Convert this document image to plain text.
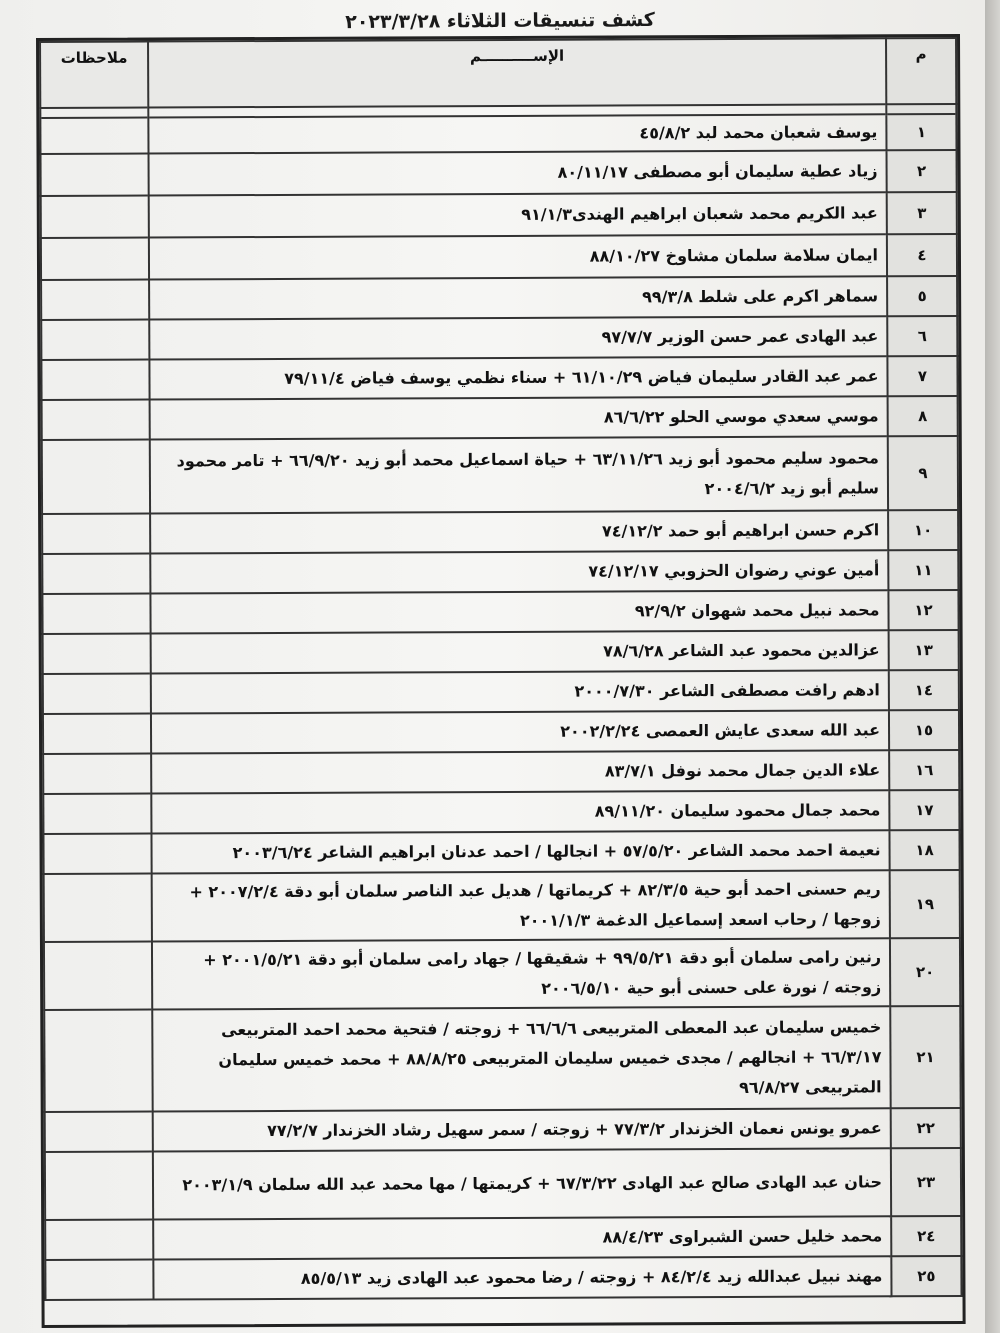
كشف تنسيقات الثلاثاء ٢٠٢٣/٣/٢٨
م	الإســــــــــم	ملاحظات

١	يوسف شعبان محمد لبد ٤٥/٨/٢	
٢	زياد عطية سليمان أبو مصطفى ٨٠/١١/١٧	
٣	عبد الكريم محمد شعبان ابراهيم الهندى٩١/١/٣	
٤	ايمان سلامة سلمان مشاوخ ٨٨/١٠/٢٧	
٥	سماهر اكرم على شلط ٩٩/٣/٨	
٦	عبد الهادى عمر حسن الوزير ٩٧/٧/٧	
٧	عمر عبد القادر سليمان فياض ٦١/١٠/٢٩ + سناء نظمي يوسف فياض ٧٩/١١/٤	
٨	موسي سعدي موسي الحلو ٨٦/٦/٢٢	
٩	محمود سليم محمود أبو زيد ٦٣/١١/٢٦ + حياة اسماعيل محمد أبو زيد ٦٦/٩/٢٠ + تامر محمود سليم أبو زيد ٢٠٠٤/٦/٢	
١٠	اكرم حسن ابراهيم أبو حمد ٧٤/١٢/٢	
١١	أمين عوني رضوان الحزوبي ٧٤/١٢/١٧	
١٢	محمد نبيل محمد شهوان ٩٢/٩/٢	
١٣	عزالدين محمود عبد الشاعر ٧٨/٦/٢٨	
١٤	ادهم رافت مصطفى الشاعر ٢٠٠٠/٧/٣٠	
١٥	عبد الله سعدى عايش العمصى ٢٠٠٢/٢/٢٤	
١٦	علاء الدين جمال محمد نوفل ٨٣/٧/١	
١٧	محمد جمال محمود سليمان ٨٩/١١/٢٠	
١٨	نعيمة احمد محمد الشاعر ٥٧/٥/٢٠ + انجالها / احمد عدنان ابراهيم الشاعر ٢٠٠٣/٦/٢٤	
١٩	ريم حسنى احمد أبو حية ٨٢/٣/٥ + كريماتها / هديل عبد الناصر سلمان أبو دقة ٢٠٠٧/٢/٤ + زوجها / رحاب اسعد إسماعيل الدغمة ٢٠٠١/١/٣	
٢٠	رنين رامى سلمان أبو دقة ٩٩/٥/٢١ + شقيقها / جهاد رامى سلمان أبو دقة ٢٠٠١/٥/٢١ + زوجته / نورة على حسنى أبو حية ٢٠٠٦/٥/١٠	
٢١	خميس سليمان عبد المعطى المتربيعى ٦٦/٦/٦ + زوجته / فتحية محمد احمد المتربيعى ٦٦/٣/١٧ + انجالهم / مجدى خميس سليمان المتربيعى ٨٨/٨/٢٥ + محمد خميس سليمان المتربيعى ٩٦/٨/٢٧	
٢٢	عمرو يونس نعمان الخزندار ٧٧/٣/٢ + زوجته / سمر سهيل رشاد الخزندار ٧٧/٢/٧	
٢٣	حنان عبد الهادى صالح عبد الهادى ٦٧/٣/٢٢ + كريمتها / مها محمد عبد الله سلمان ٢٠٠٣/١/٩	
٢٤	محمد خليل حسن الشبراوى ٨٨/٤/٢٣	
٢٥	مهند نبيل عبدالله زيد ٨٤/٢/٤ + زوجته / رضا محمود عبد الهادى زيد ٨٥/٥/١٣	
